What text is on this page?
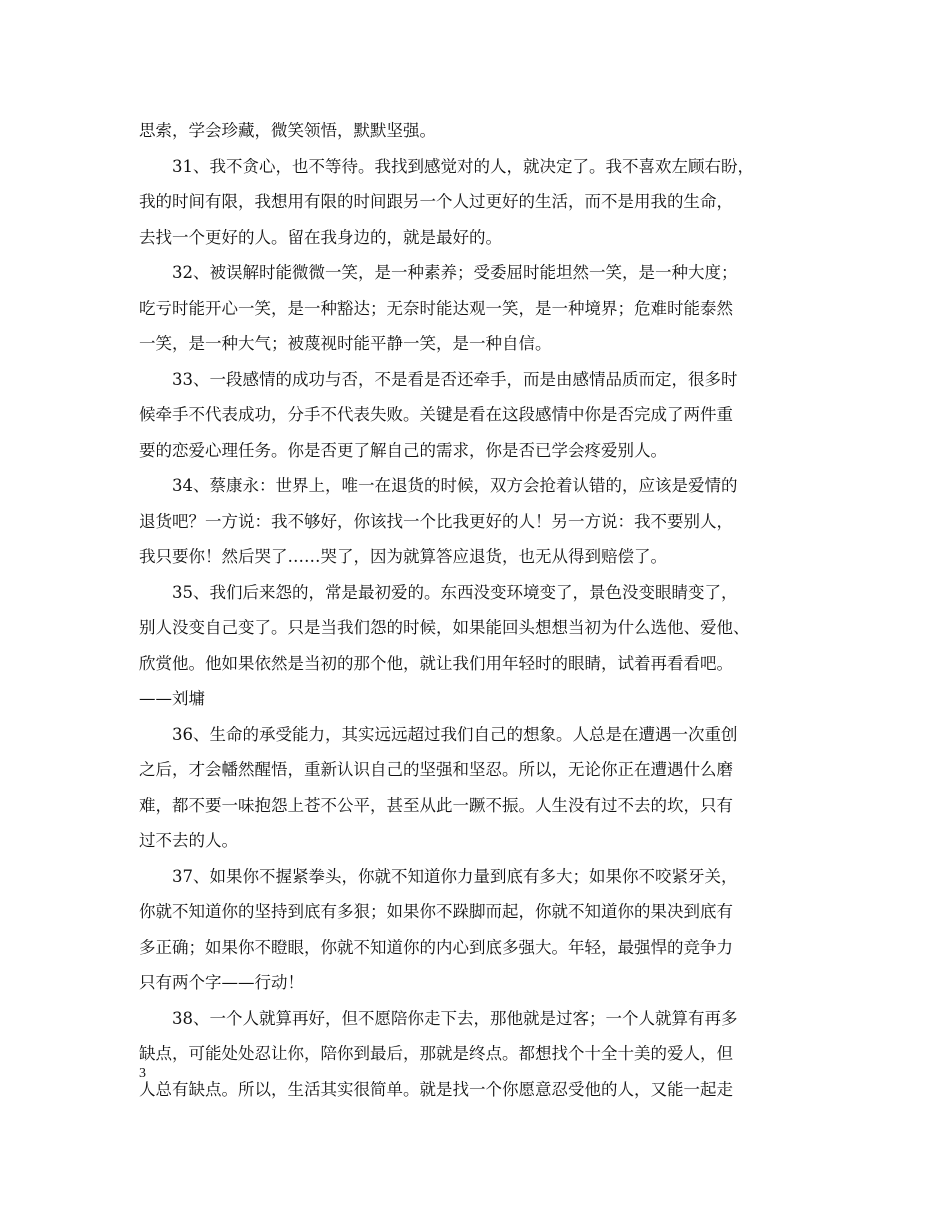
思索，学会珍藏，微笑领悟，默默坚强。
31、我不贪心，也不等待。我找到感觉对的人，就决定了。我不喜欢左顾右盼，
我的时间有限，我想用有限的时间跟另一个人过更好的生活，而不是用我的生命，
去找一个更好的人。留在我身边的，就是最好的。
32、被误解时能微微一笑，是一种素养；受委屈时能坦然一笑，是一种大度；
吃亏时能开心一笑，是一种豁达；无奈时能达观一笑，是一种境界；危难时能泰然
一笑，是一种大气；被蔑视时能平静一笑，是一种自信。
33、一段感情的成功与否，不是看是否还牵手，而是由感情品质而定，很多时
候牵手不代表成功，分手不代表失败。关键是看在这段感情中你是否完成了两件重
要的恋爱心理任务。你是否更了解自己的需求，你是否已学会疼爱别人。
34、蔡康永：世界上，唯一在退货的时候，双方会抢着认错的，应该是爱情的
退货吧？一方说：我不够好，你该找一个比我更好的人！另一方说：我不要别人，
我只要你！然后哭了……哭了，因为就算答应退货，也无从得到赔偿了。
35、我们后来怨的，常是最初爱的。东西没变环境变了，景色没变眼睛变了，
别人没变自己变了。只是当我们怨的时候，如果能回头想想当初为什么选他、爱他、
欣赏他。他如果依然是当初的那个他，就让我们用年轻时的眼睛，试着再看看吧。
——刘墉
36、生命的承受能力，其实远远超过我们自己的想象。人总是在遭遇一次重创
之后，才会幡然醒悟，重新认识自己的坚强和坚忍。所以，无论你正在遭遇什么磨
难，都不要一味抱怨上苍不公平，甚至从此一蹶不振。人生没有过不去的坎，只有
过不去的人。
37、如果你不握紧拳头，你就不知道你力量到底有多大；如果你不咬紧牙关，
你就不知道你的坚持到底有多狠；如果你不跺脚而起，你就不知道你的果决到底有
多正确；如果你不瞪眼，你就不知道你的内心到底多强大。年轻，最强悍的竞争力
只有两个字——行动！
38、一个人就算再好，但不愿陪你走下去，那他就是过客；一个人就算有再多
缺点，可能处处忍让你，陪你到最后，那就是终点。都想找个十全十美的爱人，但
人总有缺点。所以，生活其实很简单。就是找一个你愿意忍受他的人，又能一起走
3
